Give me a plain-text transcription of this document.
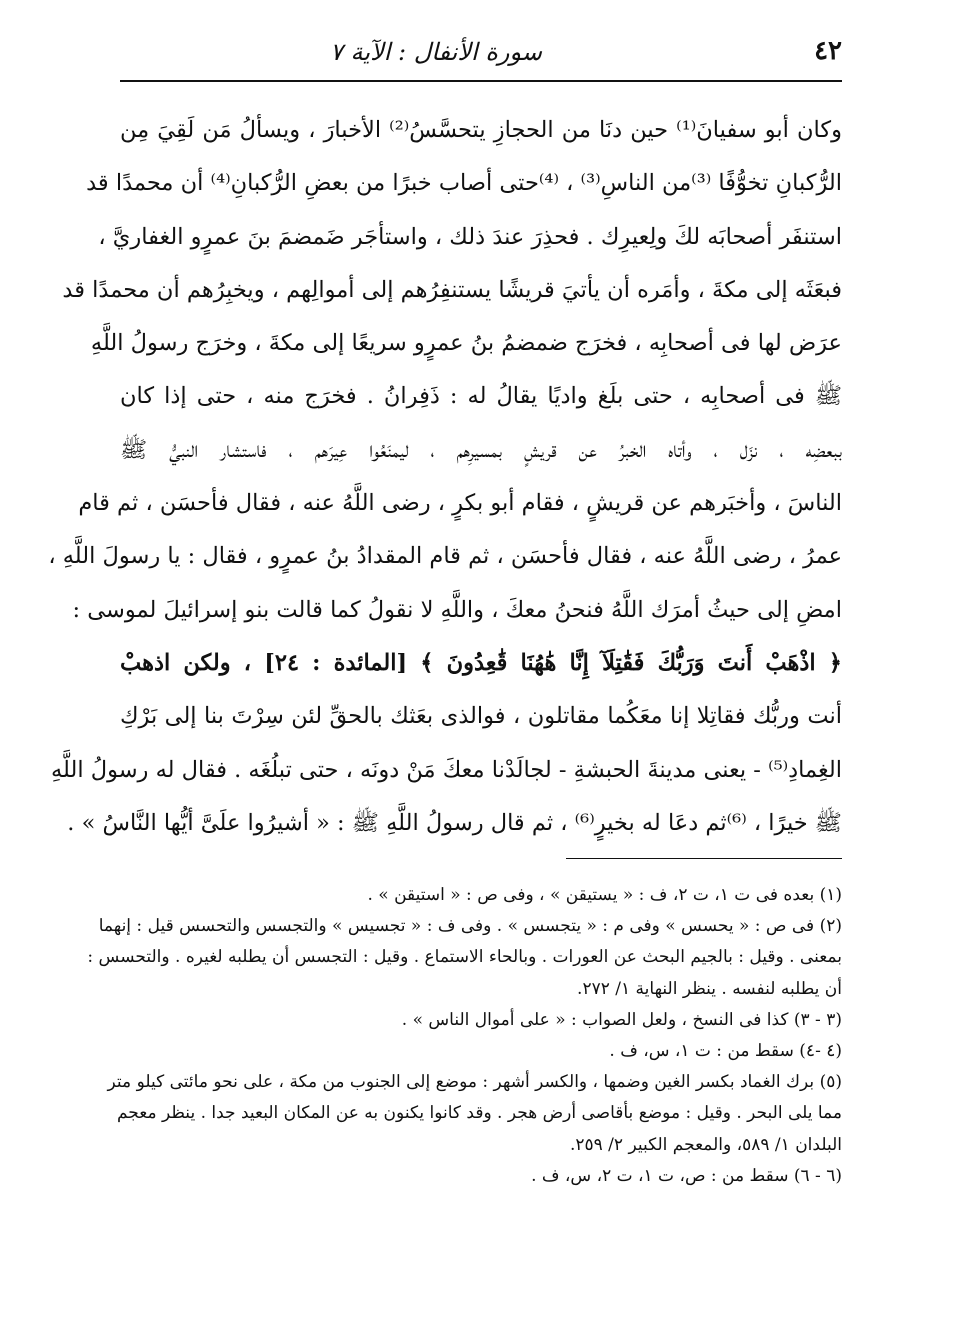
٤٢
سورة الأنفال : الآية ٧
وكان أبو سفيانَ⁽¹⁾ حين دنَا من الحجازِ يتحسَّسُ⁽²⁾ الأخبارَ ، ويسألُ مَن لَقِيَ مِن
الرُّكبانِ تخوُّفًا ⁽³⁾من الناسِ⁽³⁾ ، ⁽⁴⁾حتى أصاب خبرًا من بعضِ الرُّكبانِ⁽⁴⁾ أن محمدًا قد
استنفَر أصحابَه لكَ ولِعيرِك . فحذِرَ عندَ ذلك ، واستأجَر ضَمضمَ بنَ عمرٍو الغفاريَّ ،
فبعَثَه إلى مكةَ ، وأمَره أن يأتيَ قريشًا يستنفِرُهم إلى أموالِهم ، ويخبِرُهم أن محمدًا قد
عرَض لها فى أصحابِه ، فخرَج ضمضمُ بنُ عمرٍو سريعًا إلى مكةَ ، وخرَج رسولُ اللَّهِ
ﷺ فى أصحابِه ، حتى بلَغ واديًا يقالُ له : ذَفِرانُ . فخرَج منه ، حتى إذا كان
ببعضِه ، نزَل ، وأتاه الخبرُ عن قريشٍ بمسيرِهم ، ليمنَعُوا عِيرَهم ، فاستشار النبيُّ ﷺ
الناسَ ، وأخبَرهم عن قريشٍ ، فقام أبو بكرٍ ، رضى اللَّهُ عنه ، فقال فأحسَن ، ثم قام
عمرُ ، رضى اللَّهُ عنه ، فقال فأحسَن ، ثم قام المقدادُ بنُ عمرٍو ، فقال : يا رسولَ اللَّهِ ،
امضِ إلى حيثُ أمرَك اللَّهُ فنحنُ معكَ ، واللَّهِ لا نقولُ كما قالت بنو إسرائيلَ لموسى :
﴿ اذْهَبْ أَنتَ وَرَبُّكَ فَقَٰتِلَآ إِنَّا هَٰهُنَا قَٰعِدُونَ ﴾ [المائدة : ٢٤] ، ولكن اذهبْ
أنت وربُّك فقاتِلا إنا معَكُما مقاتلون ، فوالذى بعَثك بالحقِّ لئن سِرْتَ بنا إلى بَرْكِ
الغِمادِ⁽⁵⁾ - يعنى مدينةَ الحبشةِ - لجالَدْنا معكَ مَنْ دونَه ، حتى تبلُغَه . فقال له رسولُ اللَّهِ
ﷺ خيرًا ، ⁽⁶⁾ثم دعَا له بخيرٍ⁽⁶⁾ ، ثم قال رسولُ اللَّهِ ﷺ : « أشيرُوا علَىَّ أيُّها النَّاسُ » .
(١) بعده فى ت ١، ت ٢، ف : « يستيقن » ، وفى ص : « استيقن » .
(٢) فى ص : « يحسس » وفى م : « يتجسس » . وفى ف : « تجسيس » والتجسس والتحسس قيل : إنهما
بمعنى . وقيل : بالجيم البحث عن العورات . وبالحاء الاستماع . وقيل : التجسس أن يطلبه لغيره . والتحسس :
أن يطلبه لنفسه . ينظر النهاية ١/ ٢٧٢.
(٣ - ٣) كذا فى النسخ ، ولعل الصواب : « على أموال الناس » .
(٤ -٤) سقط من : ت ١، س، ف .
(٥) برك الغماد بكسر الغين وضمها ، والكسر أشهر : موضع إلى الجنوب من مكة ، على نحو مائتى كيلو متر
مما يلى البحر . وقيل : موضع بأقاصى أرض هجر . وقد كانوا يكنون به عن المكان البعيد جدا . ينظر معجم
البلدان ١/ ٥٨٩، والمعجم الكبير ٢/ ٢٥٩.
(٦ - ٦) سقط من : ص، ت ١، ت ٢، س، ف .
